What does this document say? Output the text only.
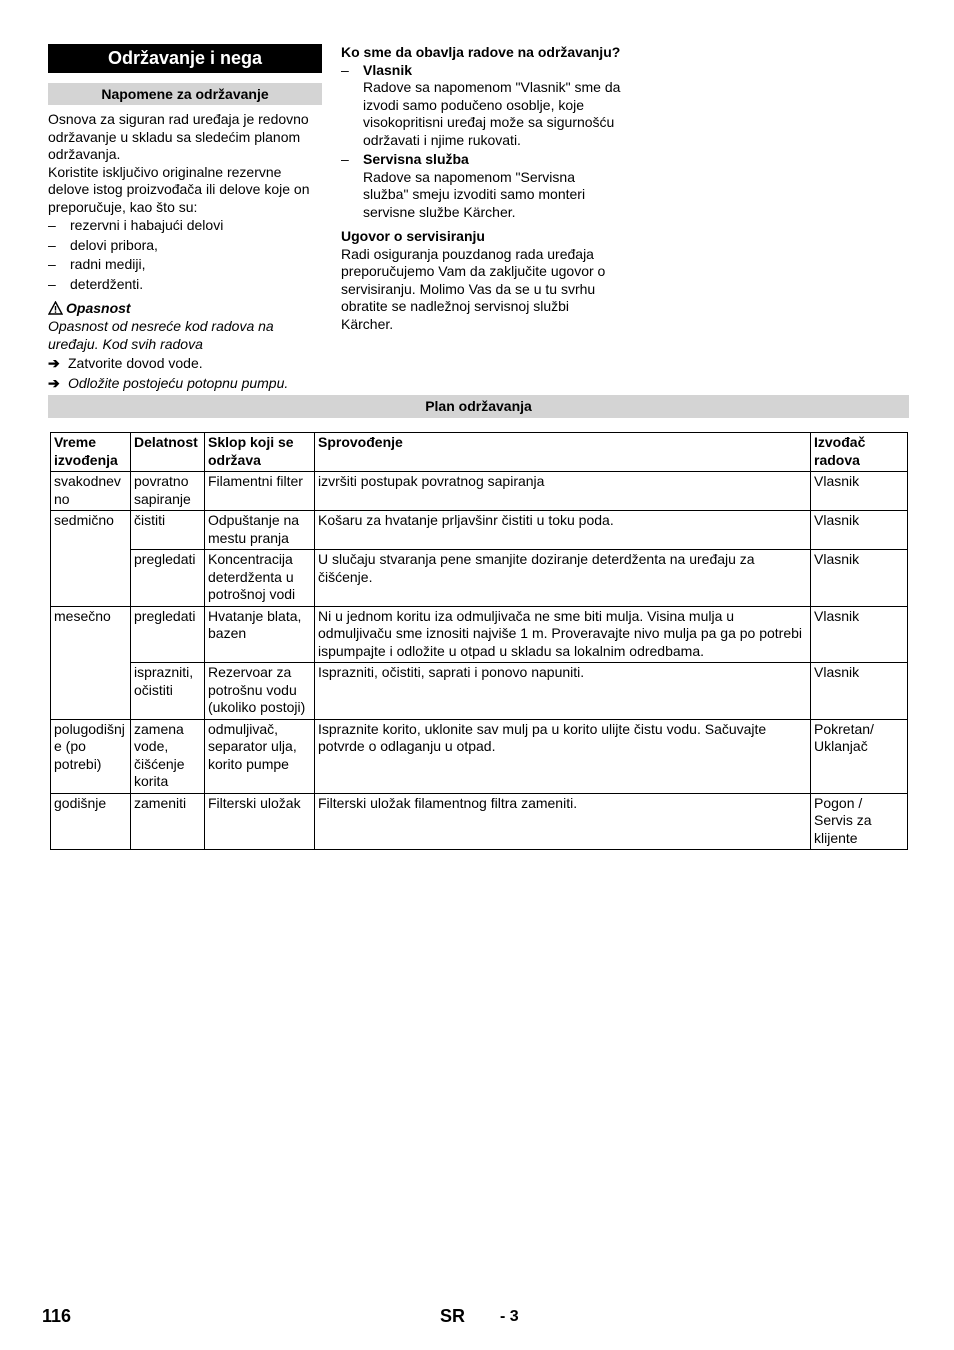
Održavanje i nega
Napomene za održavanje

Osnova za siguran rad uređaja je redovno održavanje u skladu sa sledećim planom održavanja.

Koristite isključivo originalne rezervne delove istog proizvođača ili delove koje on preporučuje, kao što su:

– rezervni i habajući delovi
– delovi pribora,
– radni mediji,
– deterdženti.
Opasnost

Opasnost od nesreće kod radova na uređaju. Kod svih radova

➔ Zatvorite dovod vode.
➔ Odložite postojeću potopnu pumpu.
Ko sme da obavlja radove na održavanju?
– Vlasnik

Radove sa napomenom "Vlasnik" sme da izvodi samo podučeno osoblje, koje visokopritisni uređaj može sa sigurnošću održavati i njime rukovati.

– Servisna služba

Radove sa napomenom "Servisna služba" smeju izvoditi samo monteri servisne službe Kärcher.

Ugovor o servisiranju

Radi osiguranja pouzdanog rada uređaja preporučujemo Vam da zaključite ugovor o servisiranju. Molimo Vas da se u tu svrhu obratite se nadležnoj servisnoj službi Kärcher.

Plan održavanja
Vreme izvođenja	Delatnost	Sklop koji se održava	Sprovođenje	Izvođač radova
svakodnev no	povratno sapiranje	Filamentni filter	izvršiti postupak povratnog sapiranja	Vlasnik
sedmično	čistiti	Odpuštanje na mestu pranja	Košaru za hvatanje prljavšinr čistiti u toku poda.	Vlasnik
	pregledati	Koncentracija deterdženta u potrošnoj vodi	U slučaju stvaranja pene smanjite doziranje deterdženta na uređaju za čišćenje.	Vlasnik
mesečno	pregledati	Hvatanje blata, bazen	Ni u jednom koritu iza odmuljivača ne sme biti mulja. Visina mulja u odmuljivaču sme iznositi najviše 1 m. Proveravajte nivo mulja pa ga po potrebi ispumpajte i odložite u otpad u skladu sa lokalnim odredbama.	Vlasnik
	isprazniti, očistiti	Rezervoar za potrošnu vodu (ukoliko postoji)	Isprazniti, očistiti, saprati i ponovo napuniti.	Vlasnik
polugodišnj e (po potrebi)	zamena vode, čišćenje korita	odmuljivač, separator ulja, korito pumpe	Ispraznite korito, uklonite sav mulj pa u korito ulijte čistu vodu. Sačuvajte potvrde o odlaganju u otpad.	Pokretan/ Uklanjač
godišnje	zameniti	Filterski uložak	Filterski uložak filamentnog filtra zameniti.	Pogon / Servis za klijente
116	SR - 3
